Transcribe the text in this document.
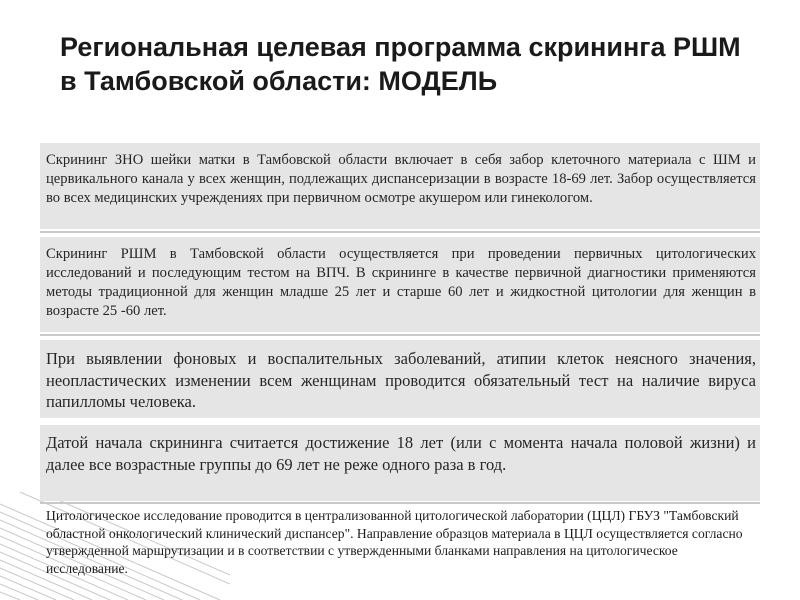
Региональная целевая программа скрининга РШМ в Тамбовской области: МОДЕЛЬ

Скрининг ЗНО шейки матки в Тамбовской области включает в себя забор клеточного материала с ШМ и цервикального канала у всех женщин, подлежащих диспансеризации в возрасте 18-69 лет. Забор осуществляется во всех медицинских учреждениях при первичном осмотре акушером или гинекологом.

Скрининг РШМ в Тамбовской области осуществляется при проведении первичных цитологических исследований и последующим тестом на ВПЧ. В скрининге в качестве первичной диагностики применяются методы традиционной для женщин младше 25 лет и старше 60 лет и жидкостной цитологии для женщин в возрасте 25 -60 лет.

При выявлении фоновых и воспалительных заболеваний, атипии клеток неясного значения, неопластических изменении всем женщинам проводится обязательный тест на наличие вируса папилломы человека.

Датой начала скрининга считается достижение 18 лет (или с момента начала половой жизни) и далее все возрастные группы до 69 лет не реже одного раза в год.

Цитологическое исследование проводится в централизованной цитологической лаборатории (ЦЦЛ) ГБУЗ "Тамбовский областной онкологический клинический диспансер". Направление образцов материала в ЦЦЛ осуществляется согласно утвержденной маршрутизации и в соответствии с утвержденными бланками направления на цитологическое исследование.
